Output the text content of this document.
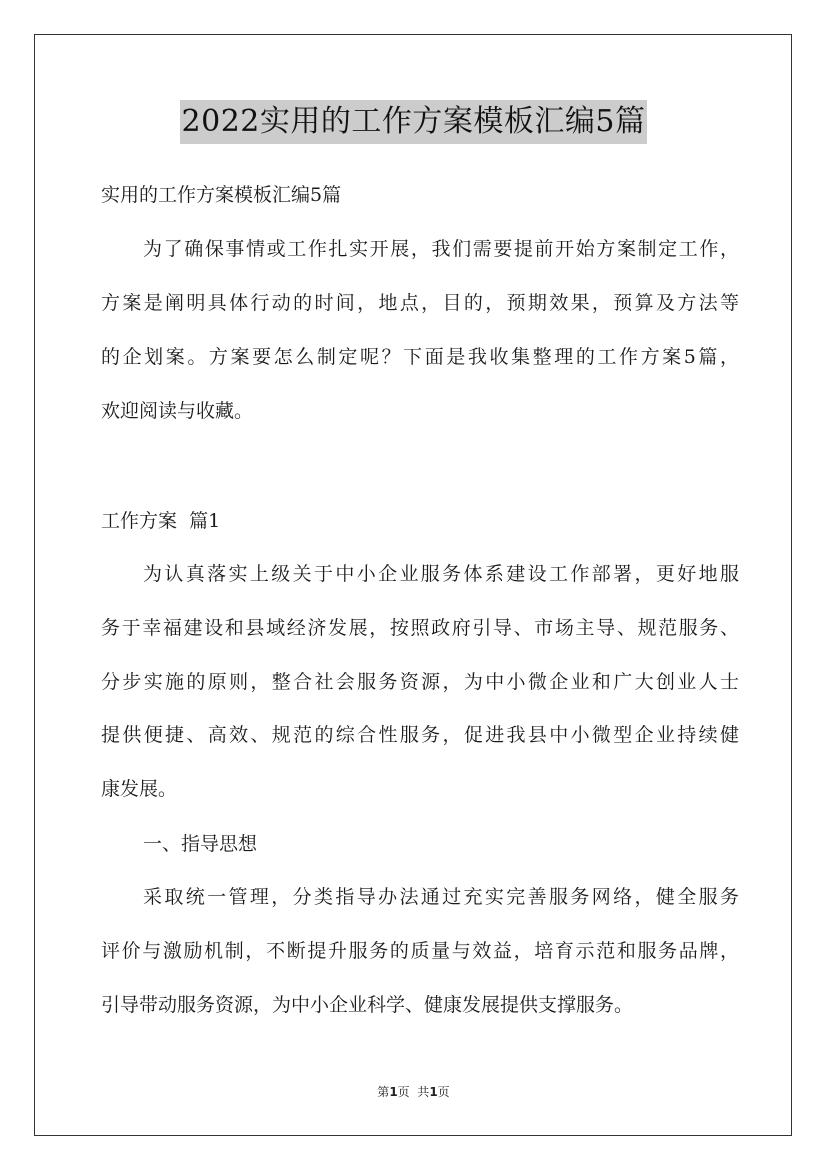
2022实用的工作方案模板汇编5篇
实用的工作方案模板汇编5篇
为了确保事情或工作扎实开展，我们需要提前开始方案制定工作，
方案是阐明具体行动的时间，地点，目的，预期效果，预算及方法等
的企划案。方案要怎么制定呢？下面是我收集整理的工作方案5篇，
欢迎阅读与收藏。
工作方案  篇1
为认真落实上级关于中小企业服务体系建设工作部署，更好地服
务于幸福建设和县域经济发展，按照政府引导、市场主导、规范服务、
分步实施的原则，整合社会服务资源，为中小微企业和广大创业人士
提供便捷、高效、规范的综合性服务，促进我县中小微型企业持续健
康发展。
一、指导思想
采取统一管理，分类指导办法通过充实完善服务网络，健全服务
评价与激励机制，不断提升服务的质量与效益，培育示范和服务品牌，
引导带动服务资源，为中小企业科学、健康发展提供支撑服务。
第1页  共1页
